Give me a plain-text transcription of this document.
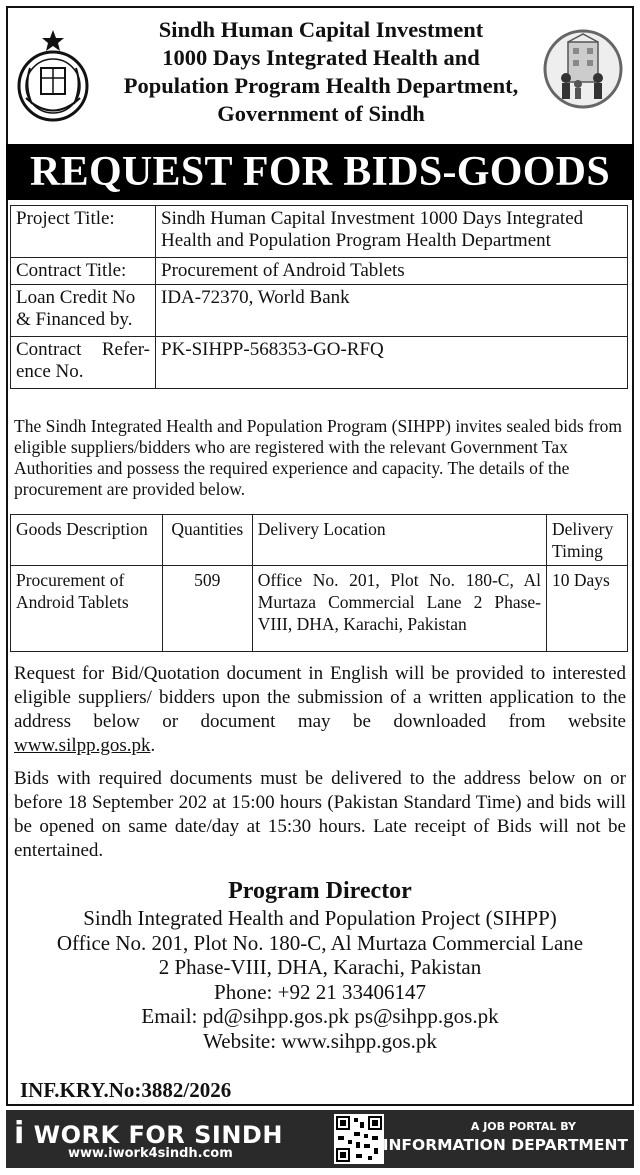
Sindh Human Capital Investment
1000 Days Integrated Health and
Population Program Health Department,
Government of Sindh
REQUEST FOR BIDS-GOODS
Project Title:	Sindh Human Capital Investment 1000 Days Integrated Health and Population Program Health Department
Contract Title:	Procurement of Android Tablets

Loan Credit No
& Financed by.	IDA-72370, World Bank

Contract Refer-
ence No.	PK-SIHPP-568353-GO-RFQ

The Sindh Integrated Health and Population Program (SIHPP) invites sealed bids from eligible suppliers/bidders who are registered with the relevant Government Tax Authorities and possess the required experience and capacity. The details of the procurement are provided below.

Goods Description	Quantities	Delivery Location	Delivery Timing
Procurement of Android Tablets	509	Office No. 201, Plot No. 180-C, Al Murtaza Commercial Lane 2 Phase-VIII, DHA, Karachi, Pakistan	10 Days

Request for Bid/Quotation document in English will be provided to interested eligible suppliers/ bidders upon the submission of a written application to the address below or document may be downloaded from website www.silpp.gos.pk.

Bids with required documents must be delivered to the address below on or before 18 September 202 at 15:00 hours (Pakistan Standard Time) and bids will be opened on same date/day at 15:30 hours. Late receipt of Bids will not be entertained.

Program Director
Sindh Integrated Health and Population Project (SIHPP)
Office No. 201, Plot No. 180-C, Al Murtaza Commercial Lane
2 Phase-VIII, DHA, Karachi, Pakistan
Phone: +92 21 33406147
Email: pd@sihpp.gos.pk ps@sihpp.gos.pk
Website: www.sihpp.gos.pk
INF.KRY.No:3882/2026
i WORK FOR SINDH
www.iwork4sindh.com
A JOB PORTAL BY
INFORMATION DEPARTMENT
